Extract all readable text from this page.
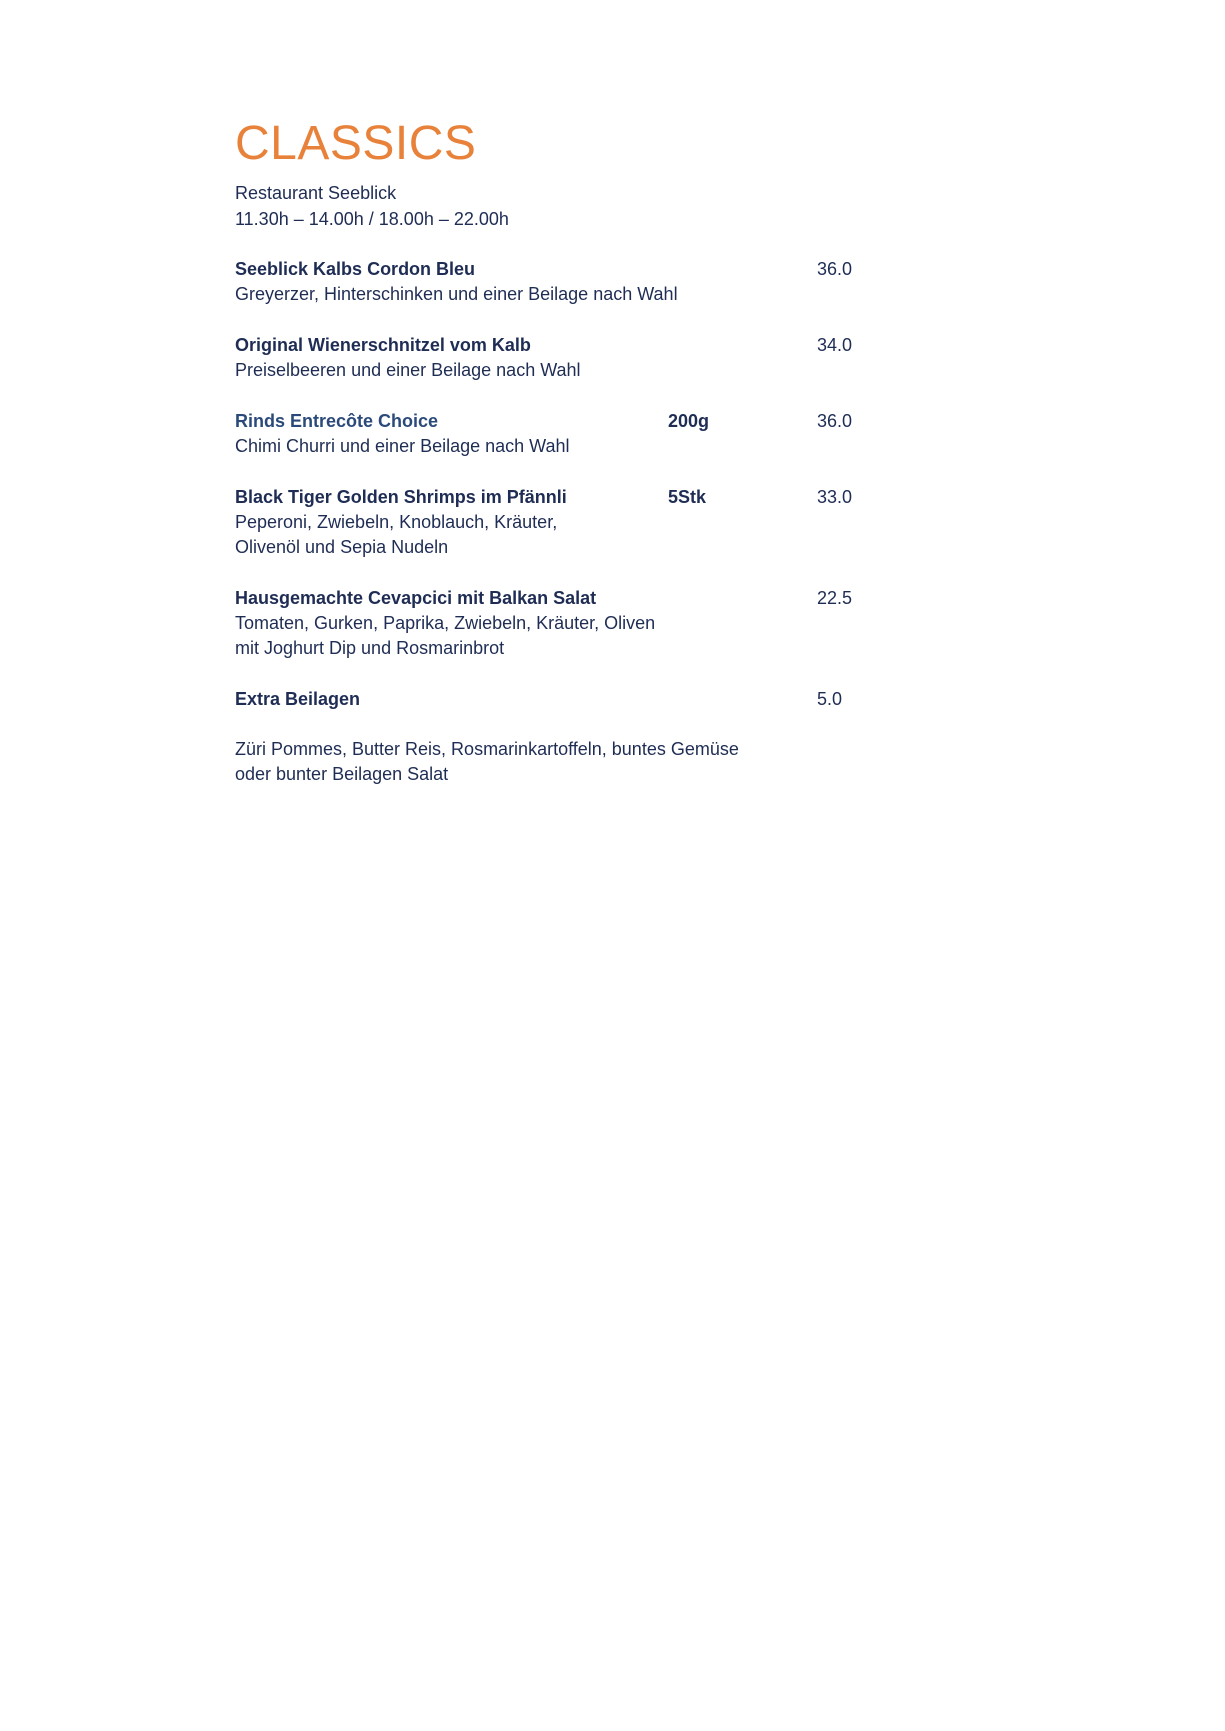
CLASSICS
Restaurant Seeblick
11.30h – 14.00h / 18.00h – 22.00h
Seeblick Kalbs Cordon Bleu	36.0
Greyerzer, Hinterschinken und einer Beilage nach Wahl
Original Wienerschnitzel vom Kalb	34.0
Preiselbeeren und einer Beilage nach Wahl
Rinds Entrecôte Choice	200g	36.0
Chimi Churri und einer Beilage nach Wahl
Black Tiger Golden Shrimps im Pfännli	5Stk	33.0
Peperoni, Zwiebeln, Knoblauch, Kräuter,
Olivenöl und Sepia Nudeln
Hausgemachte Cevapcici mit Balkan Salat	22.5
Tomaten, Gurken, Paprika, Zwiebeln, Kräuter, Oliven
mit Joghurt Dip und Rosmarinbrot
Extra Beilagen	5.0
Züri Pommes, Butter Reis, Rosmarinkartoffeln, buntes Gemüse
oder bunter Beilagen Salat
